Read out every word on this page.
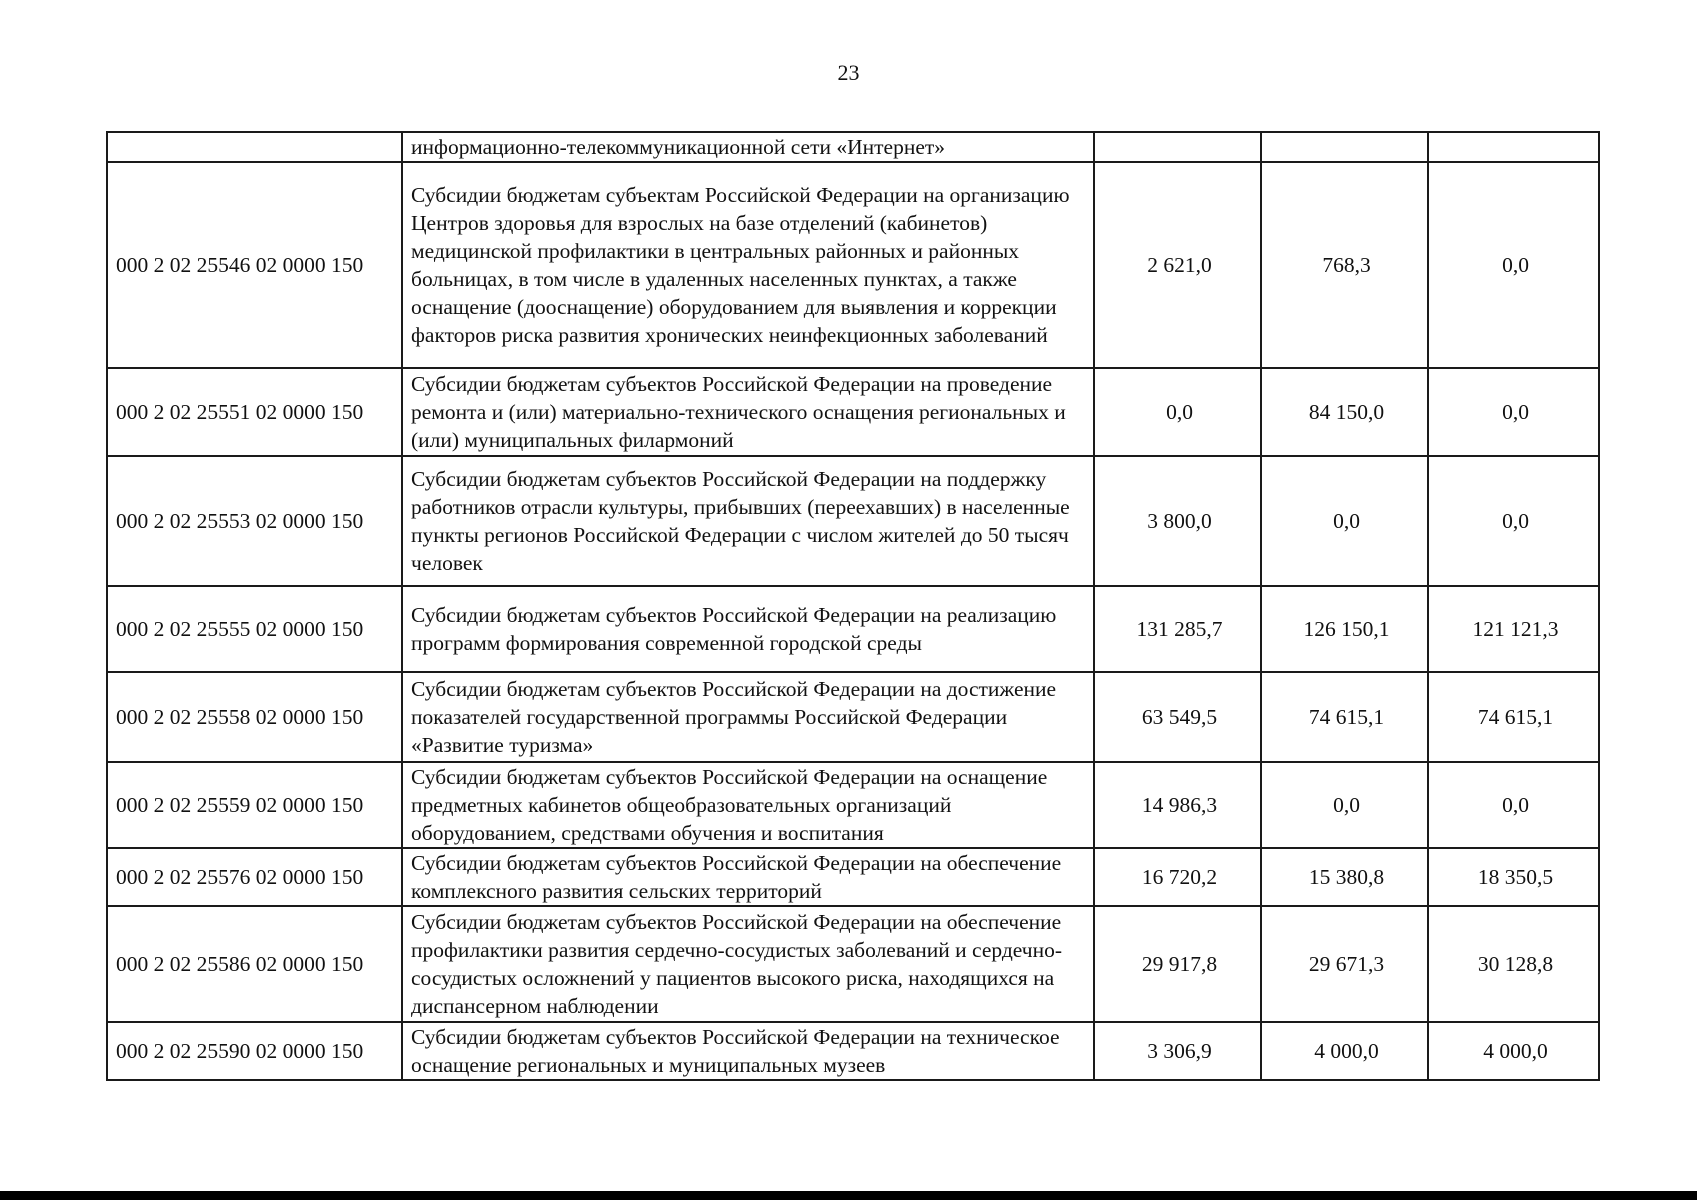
23
	информационно-телекоммуникационной сети «Интернет»			
000 2 02 25546 02 0000 150	Субсидии бюджетам субъектам Российской Федерации на организацию Центров здоровья для взрослых на базе отделений (кабинетов) медицинской профилактики в центральных районных и районных больницах, в том числе в удаленных населенных пунктах, а также оснащение (дооснащение) оборудованием для выявления и коррекции факторов риска развития хронических неинфекционных заболеваний	2 621,0	768,3	0,0
000 2 02 25551 02 0000 150	Субсидии бюджетам субъектов Российской Федерации на проведение ремонта и (или) материально-технического оснащения региональных и (или) муниципальных филармоний	0,0	84 150,0	0,0
000 2 02 25553 02 0000 150	Субсидии бюджетам субъектов Российской Федерации на поддержку работников отрасли культуры, прибывших (переехавших) в населенные пункты регионов Российской Федерации с числом жителей до 50 тысяч человек	3 800,0	0,0	0,0
000 2 02 25555 02 0000 150	Субсидии бюджетам субъектов Российской Федерации на реализацию программ формирования современной городской среды	131 285,7	126 150,1	121 121,3
000 2 02 25558 02 0000 150	Субсидии бюджетам субъектов Российской Федерации на достижение показателей государственной программы Российской Федерации «Развитие туризма»	63 549,5	74 615,1	74 615,1
000 2 02 25559 02 0000 150	Субсидии бюджетам субъектов Российской Федерации на оснащение предметных кабинетов общеобразовательных организаций оборудованием, средствами обучения и воспитания	14 986,3	0,0	0,0
000 2 02 25576 02 0000 150	Субсидии бюджетам субъектов Российской Федерации на обеспечение комплексного развития сельских территорий	16 720,2	15 380,8	18 350,5
000 2 02 25586 02 0000 150	Субсидии бюджетам субъектов Российской Федерации на обеспечение профилактики развития сердечно-сосудистых заболеваний и сердечно-сосудистых осложнений у пациентов высокого риска, находящихся на диспансерном наблюдении	29 917,8	29 671,3	30 128,8
000 2 02 25590 02 0000 150	Субсидии бюджетам субъектов Российской Федерации на техническое оснащение региональных и муниципальных музеев	3 306,9	4 000,0	4 000,0
